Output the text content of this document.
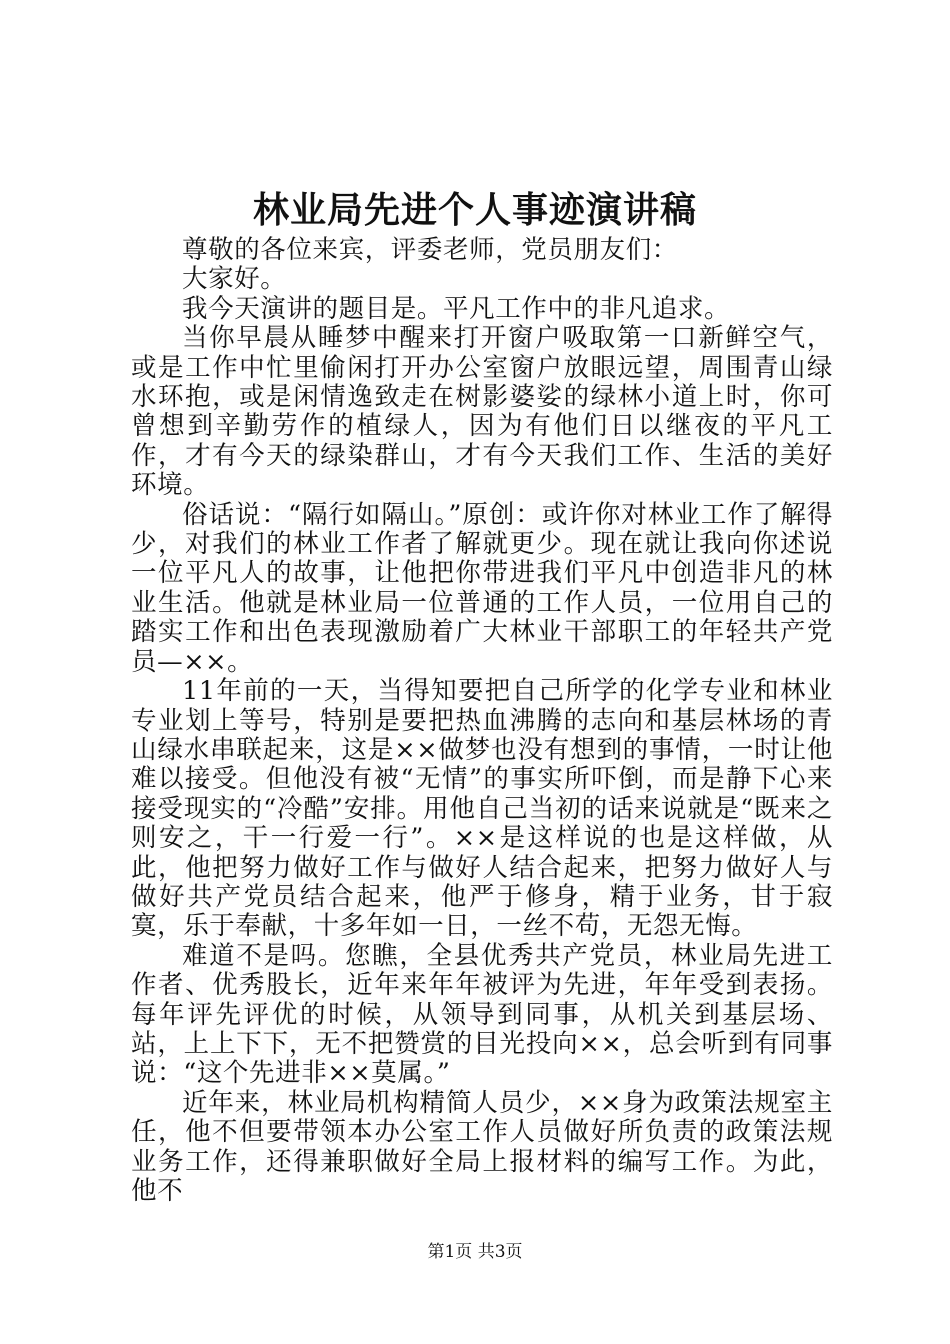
林业局先进个人事迹演讲稿

尊敬的各位来宾，评委老师，党员朋友们：

大家好。

我今天演讲的题目是。平凡工作中的非凡追求。

当你早晨从睡梦中醒来打开窗户吸取第一口新鲜空气，或是工作中忙里偷闲打开办公室窗户放眼远望，周围青山绿水环抱，或是闲情逸致走在树影婆娑的绿林小道上时，你可曾想到辛勤劳作的植绿人，因为有他们日以继夜的平凡工作，才有今天的绿染群山，才有今天我们工作、生活的美好环境。

俗话说：“隔行如隔山。”原创：或许你对林业工作了解得少，对我们的林业工作者了解就更少。现在就让我向你述说一位平凡人的故事，让他把你带进我们平凡中创造非凡的林业生活。他就是林业局一位普通的工作人员，一位用自己的踏实工作和出色表现激励着广大林业干部职工的年轻共产党员—××。

11年前的一天，当得知要把自己所学的化学专业和林业专业划上等号，特别是要把热血沸腾的志向和基层林场的青山绿水串联起来，这是××做梦也没有想到的事情，一时让他难以接受。但他没有被“无情”的事实所吓倒，而是静下心来接受现实的“冷酷”安排。用他自己当初的话来说就是“既来之则安之，干一行爱一行”。××是这样说的也是这样做，从此，他把努力做好工作与做好人结合起来，把努力做好人与做好共产党员结合起来，他严于修身，精于业务，甘于寂寞，乐于奉献，十多年如一日，一丝不苟，无怨无悔。

难道不是吗。您瞧，全县优秀共产党员，林业局先进工作者、优秀股长，近年来年年被评为先进，年年受到表扬。每年评先评优的时候，从领导到同事，从机关到基层场、站，上上下下，无不把赞赏的目光投向××，总会听到有同事说：“这个先进非××莫属。”

近年来，林业局机构精简人员少，××身为政策法规室主任，他不但要带领本办公室工作人员做好所负责的政策法规业务工作，还得兼职做好全局上报材料的编写工作。为此，他不

第1页 共3页
